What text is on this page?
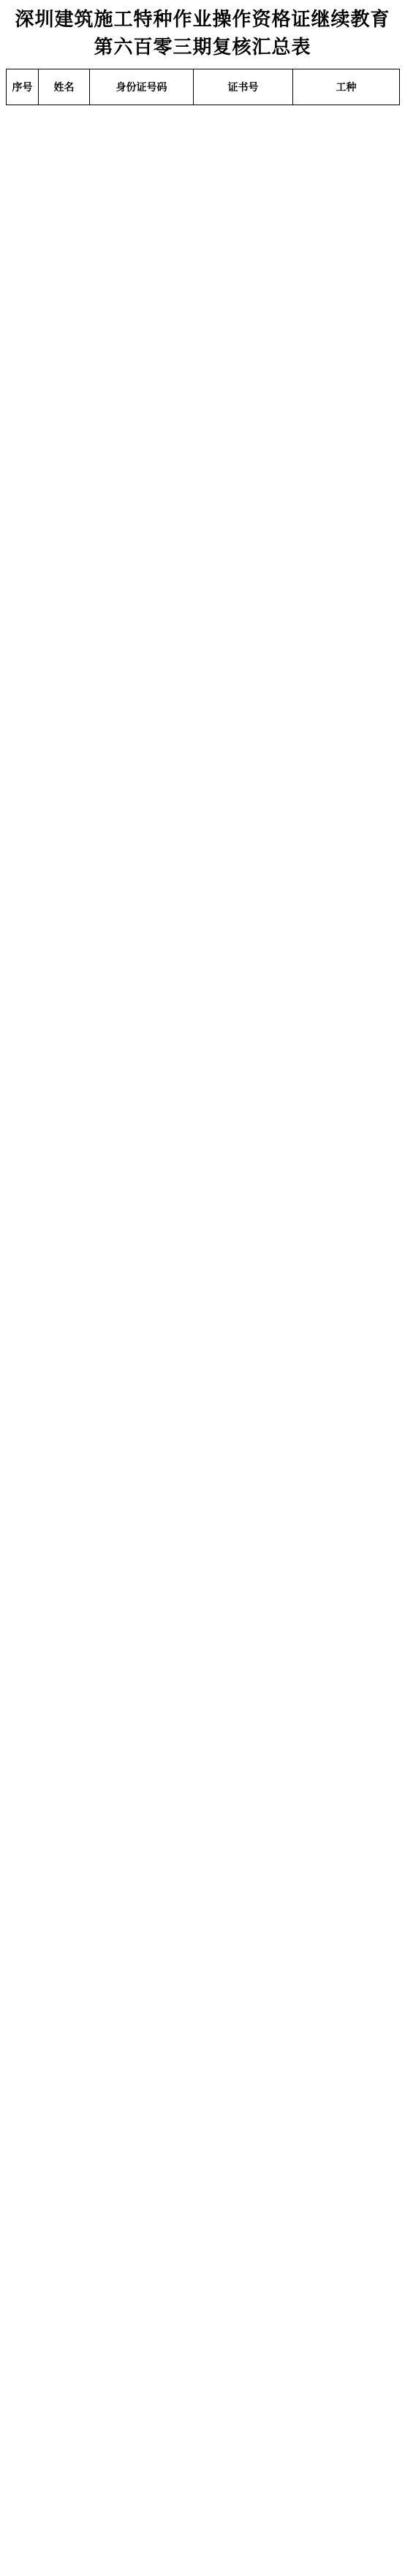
深圳建筑施工特种作业操作资格证继续教育
第六百零三期复核汇总表
序号	姓名	身份证号码	证书号	工种
